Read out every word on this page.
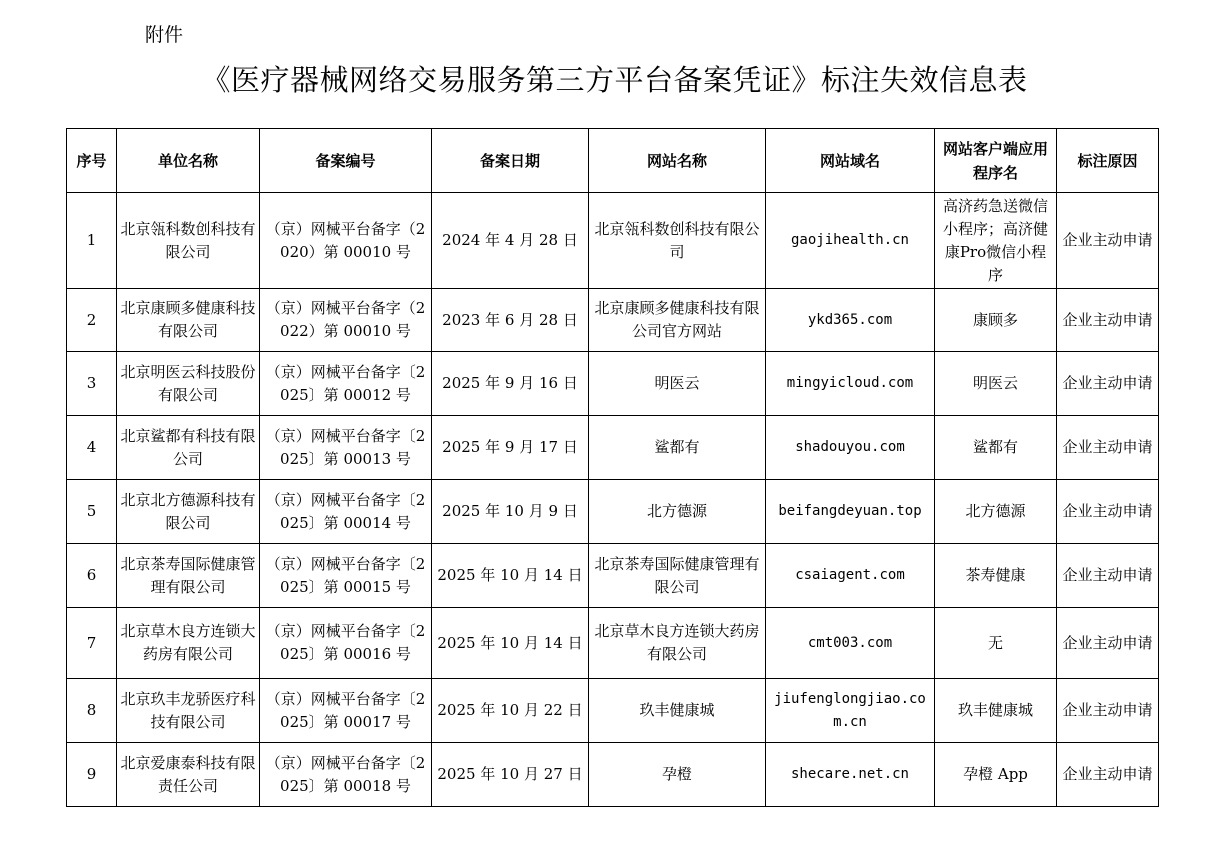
附件
《医疗器械网络交易服务第三方平台备案凭证》标注失效信息表
序号	单位名称	备案编号	备案日期	网站名称	网站域名	网站客户端应用程序名	标注原因
1	北京瓴科数创科技有限公司	（京）网械平台备字（2020）第 00010 号	2024 年 4 月 28 日	北京瓴科数创科技有限公司	gaojihealth.cn	高济药急送微信小程序；高济健康Pro微信小程序	企业主动申请
2	北京康顾多健康科技有限公司	（京）网械平台备字（2022）第 00010 号	2023 年 6 月 28 日	北京康顾多健康科技有限公司官方网站	ykd365.com	康顾多	企业主动申请
3	北京明医云科技股份有限公司	（京）网械平台备字〔2025〕第 00012 号	2025 年 9 月 16 日	明医云	mingyicloud.com	明医云	企业主动申请
4	北京鲨都有科技有限公司	（京）网械平台备字〔2025〕第 00013 号	2025 年 9 月 17 日	鲨都有	shadouyou.com	鲨都有	企业主动申请
5	北京北方德源科技有限公司	（京）网械平台备字〔2025〕第 00014 号	2025 年 10 月 9 日	北方德源	beifangdeyuan.top	北方德源	企业主动申请
6	北京茶寿国际健康管理有限公司	（京）网械平台备字〔2025〕第 00015 号	2025 年 10 月 14 日	北京茶寿国际健康管理有限公司	csaiagent.com	茶寿健康	企业主动申请
7	北京草木良方连锁大药房有限公司	（京）网械平台备字〔2025〕第 00016 号	2025 年 10 月 14 日	北京草木良方连锁大药房有限公司	cmt003.com	无	企业主动申请
8	北京玖丰龙骄医疗科技有限公司	（京）网械平台备字〔2025〕第 00017 号	2025 年 10 月 22 日	玖丰健康城	jiufenglongjiao.com.cn	玖丰健康城	企业主动申请
9	北京爱康泰科技有限责任公司	（京）网械平台备字〔2025〕第 00018 号	2025 年 10 月 27 日	孕橙	shecare.net.cn	孕橙 App	企业主动申请
